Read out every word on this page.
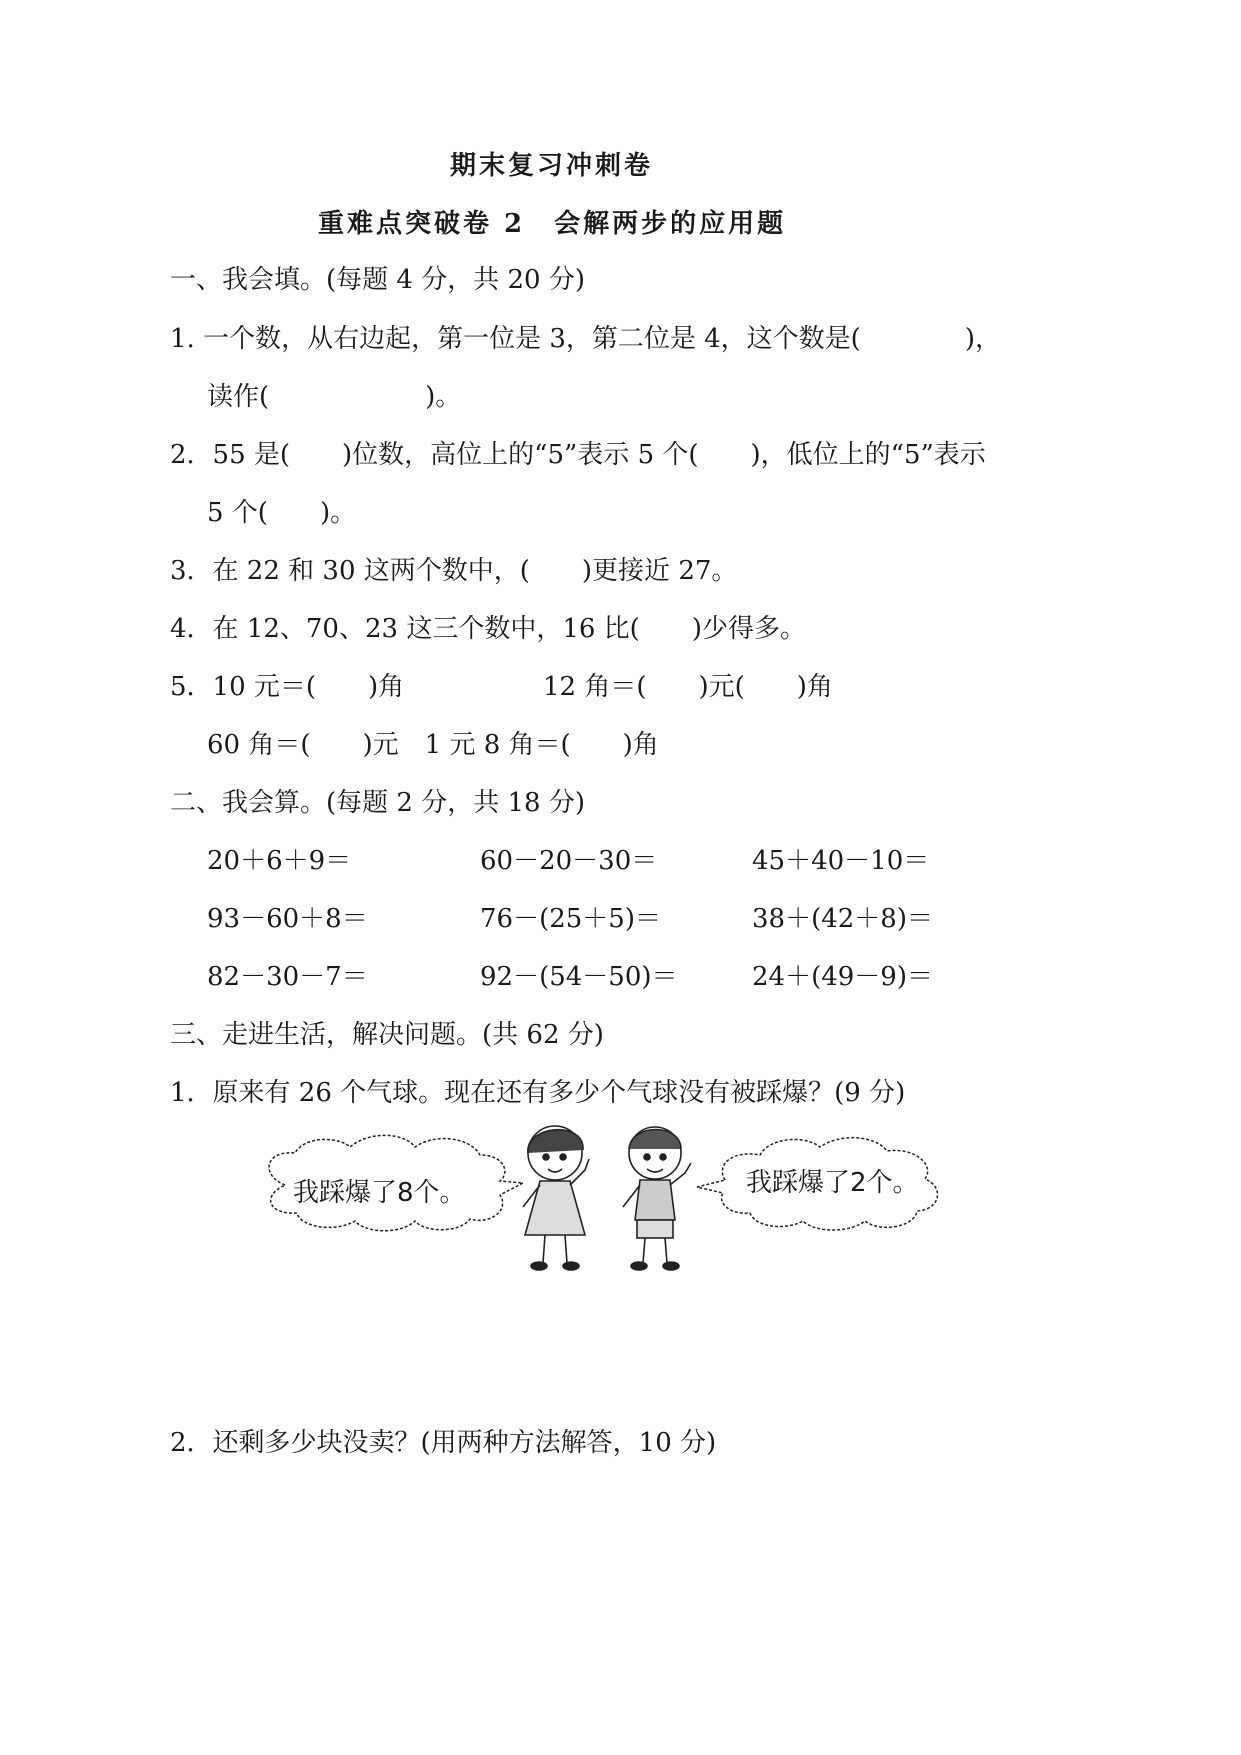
期末复习冲刺卷
重难点突破卷 2　会解两步的应用题
一、我会填。(每题 4 分，共 20 分)
1. 一个数，从右边起，第一位是 3，第二位是 4，这个数是(　　　　)，
读作(　　　　　　)。
2．55 是(　　)位数，高位上的“5”表示 5 个(　　)，低位上的“5”表示
5 个(　　)。
3．在 22 和 30 这两个数中，(　　)更接近 27。
4．在 12、70、23 这三个数中，16 比(　　)少得多。
5．10 元＝(　　)角	12 角＝(　　)元(　　)角
60 角＝(　　)元　1 元 8 角＝(　　)角
二、我会算。(每题 2 分，共 18 分)
20＋6＋9＝	60－20－30＝	45＋40－10＝
93－60＋8＝	76－(25＋5)＝	38＋(42＋8)＝
82－30－7＝	92－(54－50)＝	24＋(49－9)＝
三、走进生活，解决问题。(共 62 分)
1．原来有 26 个气球。现在还有多少个气球没有被踩爆？(9 分)
我踩爆了8个。	我踩爆了2个。
2．还剩多少块没卖？(用两种方法解答，10 分)
